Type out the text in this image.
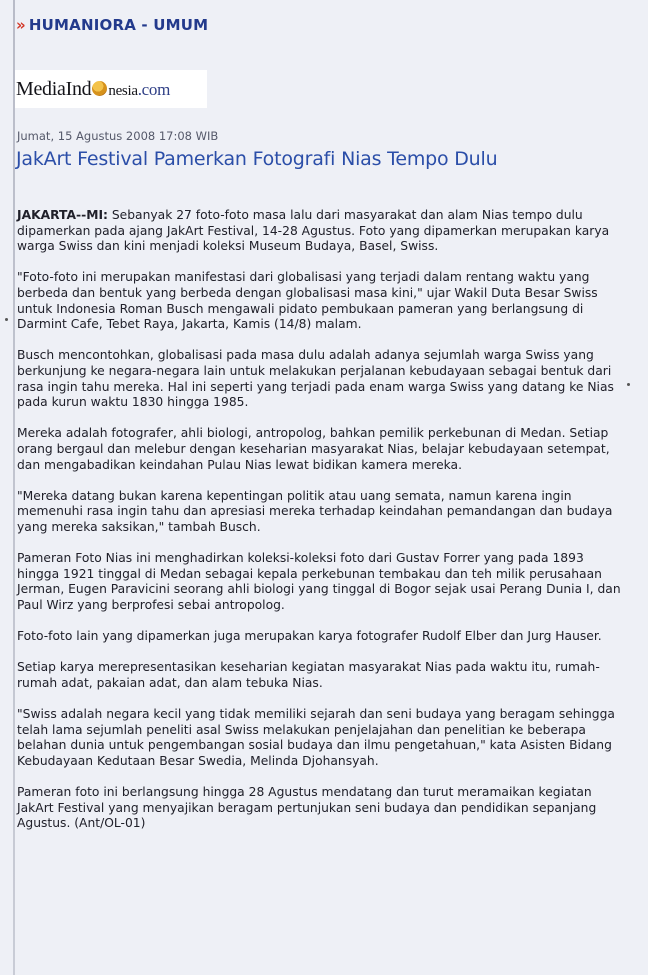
» HUMANIORA - UMUM
MediaInd nesia.com
Jumat, 15 Agustus 2008 17:08 WIB
JakArt Festival Pamerkan Fotografi Nias Tempo Dulu

JAKARTA--MI: Sebanyak 27 foto-foto masa lalu dari masyarakat dan alam Nias tempo dulu dipamerkan pada ajang JakArt Festival, 14-28 Agustus. Foto yang dipamerkan merupakan karya warga Swiss dan kini menjadi koleksi Museum Budaya, Basel, Swiss.

"Foto-foto ini merupakan manifestasi dari globalisasi yang terjadi dalam rentang waktu yang berbeda dan bentuk yang berbeda dengan globalisasi masa kini," ujar Wakil Duta Besar Swiss untuk Indonesia Roman Busch mengawali pidato pembukaan pameran yang berlangsung di Darmint Cafe, Tebet Raya, Jakarta, Kamis (14/8) malam.

Busch mencontohkan, globalisasi pada masa dulu adalah adanya sejumlah warga Swiss yang berkunjung ke negara-negara lain untuk melakukan perjalanan kebudayaan sebagai bentuk dari rasa ingin tahu mereka. Hal ini seperti yang terjadi pada enam warga Swiss yang datang ke Nias pada kurun waktu 1830 hingga 1985.

Mereka adalah fotografer, ahli biologi, antropolog, bahkan pemilik perkebunan di Medan. Setiap orang bergaul dan melebur dengan keseharian masyarakat Nias, belajar kebudayaan setempat, dan mengabadikan keindahan Pulau Nias lewat bidikan kamera mereka.

"Mereka datang bukan karena kepentingan politik atau uang semata, namun karena ingin memenuhi rasa ingin tahu dan apresiasi mereka terhadap keindahan pemandangan dan budaya yang mereka saksikan," tambah Busch.

Pameran Foto Nias ini menghadirkan koleksi-koleksi foto dari Gustav Forrer yang pada 1893 hingga 1921 tinggal di Medan sebagai kepala perkebunan tembakau dan teh milik perusahaan Jerman, Eugen Paravicini seorang ahli biologi yang tinggal di Bogor sejak usai Perang Dunia I, dan Paul Wirz yang berprofesi sebai antropolog.

Foto-foto lain yang dipamerkan juga merupakan karya fotografer Rudolf Elber dan Jurg Hauser.

Setiap karya merepresentasikan keseharian kegiatan masyarakat Nias pada waktu itu, rumah-rumah adat, pakaian adat, dan alam tebuka Nias.

"Swiss adalah negara kecil yang tidak memiliki sejarah dan seni budaya yang beragam sehingga telah lama sejumlah peneliti asal Swiss melakukan penjelajahan dan penelitian ke beberapa belahan dunia untuk pengembangan sosial budaya dan ilmu pengetahuan," kata Asisten Bidang Kebudayaan Kedutaan Besar Swedia, Melinda Djohansyah.

Pameran foto ini berlangsung hingga 28 Agustus mendatang dan turut meramaikan kegiatan JakArt Festival yang menyajikan beragam pertunjukan seni budaya dan pendidikan sepanjang Agustus. (Ant/OL-01)
